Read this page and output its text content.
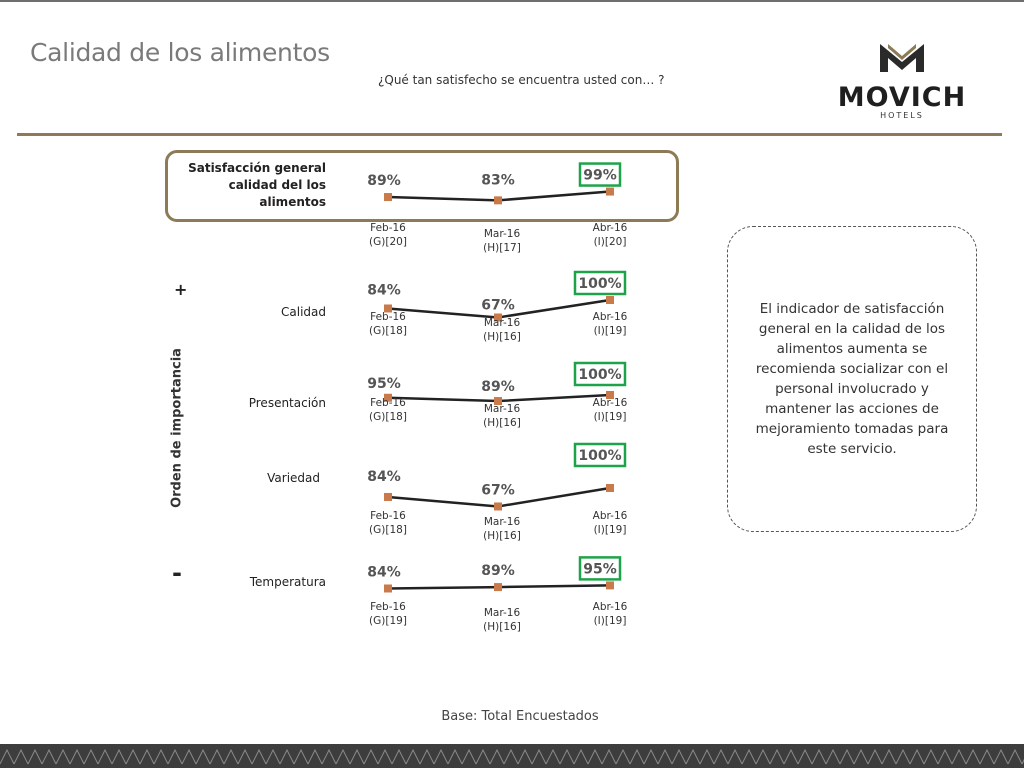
Calidad de los alimentos
¿Qué tan satisfecho se encuentra usted con… ?
MOVICH
HOTELS
Satisfacción general
calidad del los alimentos
Calidad
Presentación
Variedad
Temperatura
Orden de importancia
+
-
89%
Feb-16
(G)[20]
83%
Mar-16
(H)[17]
99%
Abr-16
(I)[20]
84%
Feb-16
(G)[18]
67%
Mar-16
(H)[16]
100%
Abr-16
(I)[19]
95%
Feb-16
(G)[18]
89%
Mar-16
(H)[16]
100%
Abr-16
(I)[19]
84%
Feb-16
(G)[18]
67%
Mar-16
(H)[16]
100%
Abr-16
(I)[19]
84%
Feb-16
(G)[19]
89%
Mar-16
(H)[16]
95%
Abr-16
(I)[19]
El indicador de satisfacción general en la calidad de los alimentos aumenta se recomienda socializar con el personal involucrado y mantener las acciones de mejoramiento tomadas para este servicio.
Base: Total Encuestados
